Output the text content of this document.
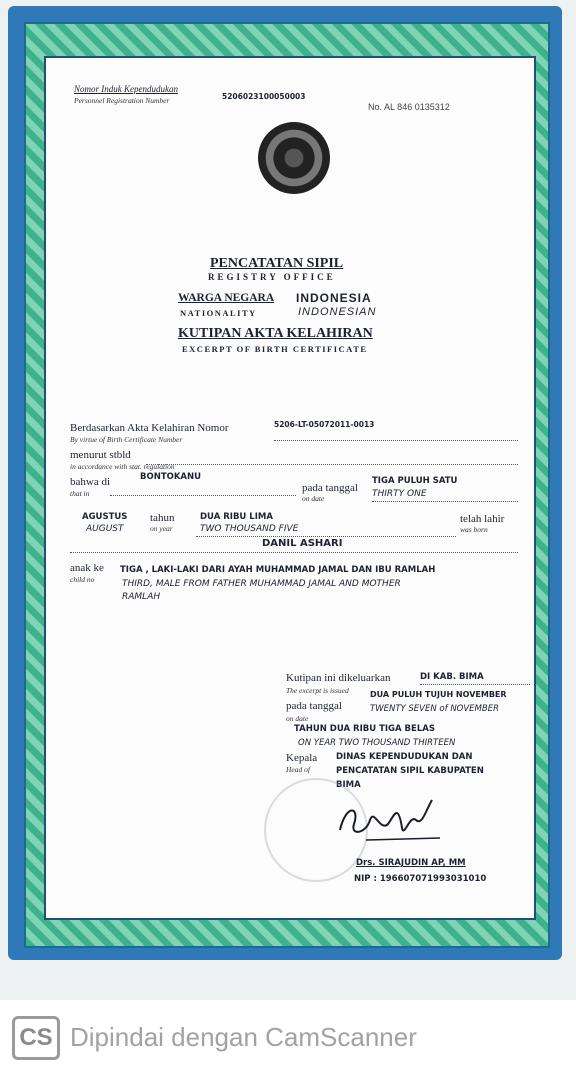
Nomor Induk Kependudukan
Personnel Registration Number	5206023100050003
No. AL 846 0135312
PENCATATAN SIPIL
REGISTRY OFFICE
WARGA NEGARA INDONESIA
NATIONALITY	INDONESIAN
KUTIPAN AKTA KELAHIRAN
EXCERPT OF BIRTH CERTIFICATE
Berdasarkan Akta Kelahiran Nomor
By virtue of Birth Certificate Number
5206-LT-05072011-0013
menurut stbld
in accordance with stat. regulation
bahwa di
that in
BONTOKANU
pada tanggal
on date
TIGA PULUH SATU
THIRTY ONE
AGUSTUS
AUGUST
tahun
on year
DUA RIBU LIMA
TWO THOUSAND FIVE
telah lahir
was born
DANIL ASHARI
anak ke
child no
TIGA , LAKI-LAKI DARI AYAH MUHAMMAD JAMAL DAN IBU RAMLAH
THIRD, MALE FROM FATHER MUHAMMAD JAMAL AND MOTHER
RAMLAH
Kutipan ini dikeluarkan	DI KAB. BIMA
The excerpt is issued	DUA PULUH TUJUH NOVEMBER
pada tanggal	TWENTY SEVEN of NOVEMBER
on date
TAHUN DUA RIBU TIGA BELAS
ON YEAR TWO THOUSAND THIRTEEN
Kepala
Head of
DINAS KEPENDUDUKAN DAN
PENCATATAN SIPIL KABUPATEN
BIMA
Drs. SIRAJUDIN AP, MM
NIP : 196607071993031010
CS Dipindai dengan CamScanner
